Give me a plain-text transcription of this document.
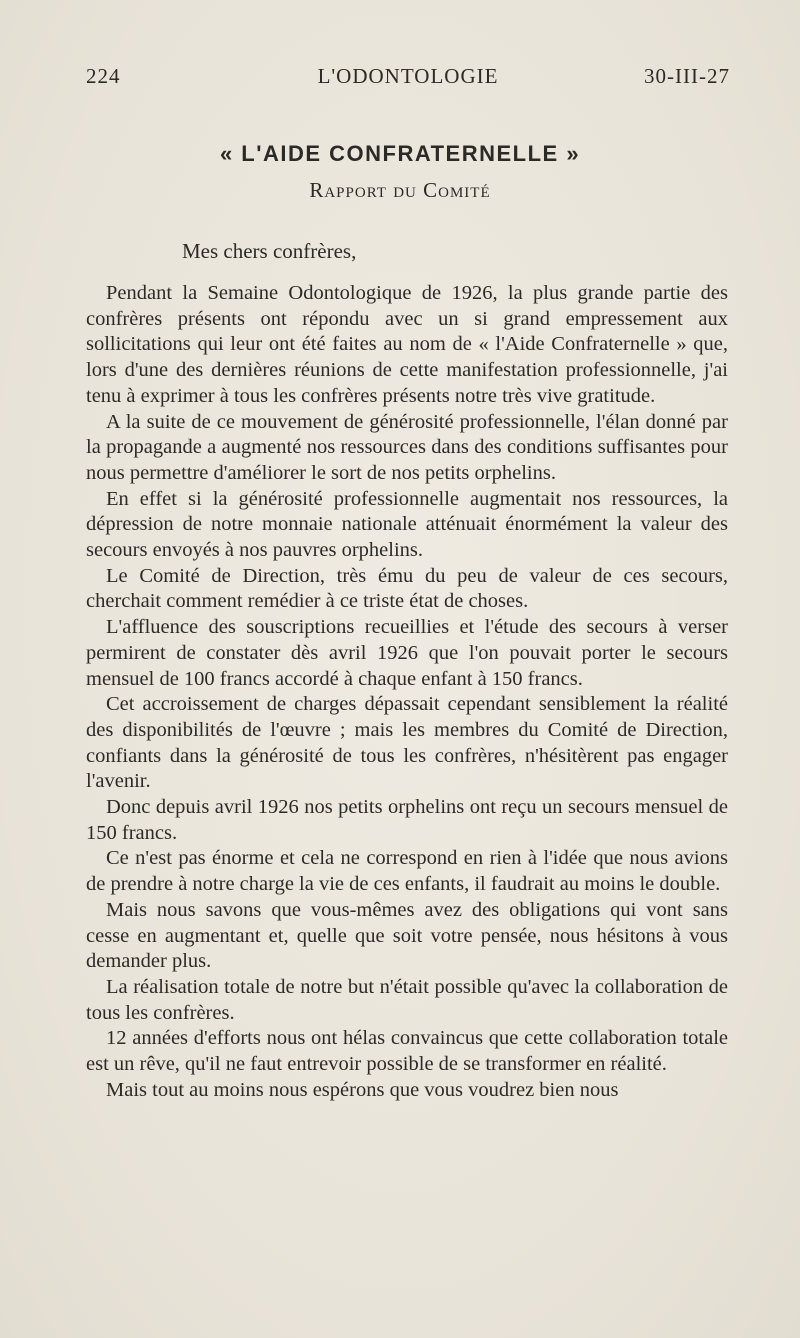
224	L'ODONTOLOGIE	30-III-27
« L'AIDE CONFRATERNELLE »
Rapport du Comité
Mes chers confrères,

Pendant la Semaine Odontologique de 1926, la plus grande partie des confrères présents ont répondu avec un si grand empressement aux sollicitations qui leur ont été faites au nom de « l'Aide Confraternelle » que, lors d'une des dernières réunions de cette manifestation professionnelle, j'ai tenu à exprimer à tous les confrères présents notre très vive gratitude.

A la suite de ce mouvement de générosité professionnelle, l'élan donné par la propagande a augmenté nos ressources dans des conditions suffisantes pour nous permettre d'améliorer le sort de nos petits orphelins.

En effet si la générosité professionnelle augmentait nos ressources, la dépression de notre monnaie nationale atténuait énormément la valeur des secours envoyés à nos pauvres orphelins.

Le Comité de Direction, très ému du peu de valeur de ces secours, cherchait comment remédier à ce triste état de choses.

L'affluence des souscriptions recueillies et l'étude des secours à verser permirent de constater dès avril 1926 que l'on pouvait porter le secours mensuel de 100 francs accordé à chaque enfant à 150 francs.

Cet accroissement de charges dépassait cependant sensiblement la réalité des disponibilités de l'œuvre ; mais les membres du Comité de Direction, confiants dans la générosité de tous les confrères, n'hésitèrent pas engager l'avenir.

Donc depuis avril 1926 nos petits orphelins ont reçu un secours mensuel de 150 francs.

Ce n'est pas énorme et cela ne correspond en rien à l'idée que nous avions de prendre à notre charge la vie de ces enfants, il faudrait au moins le double.

Mais nous savons que vous-mêmes avez des obligations qui vont sans cesse en augmentant et, quelle que soit votre pensée, nous hésitons à vous demander plus.

La réalisation totale de notre but n'était possible qu'avec la collaboration de tous les confrères.

12 années d'efforts nous ont hélas convaincus que cette collaboration totale est un rêve, qu'il ne faut entrevoir possible de se transformer en réalité.

Mais tout au moins nous espérons que vous voudrez bien nous
